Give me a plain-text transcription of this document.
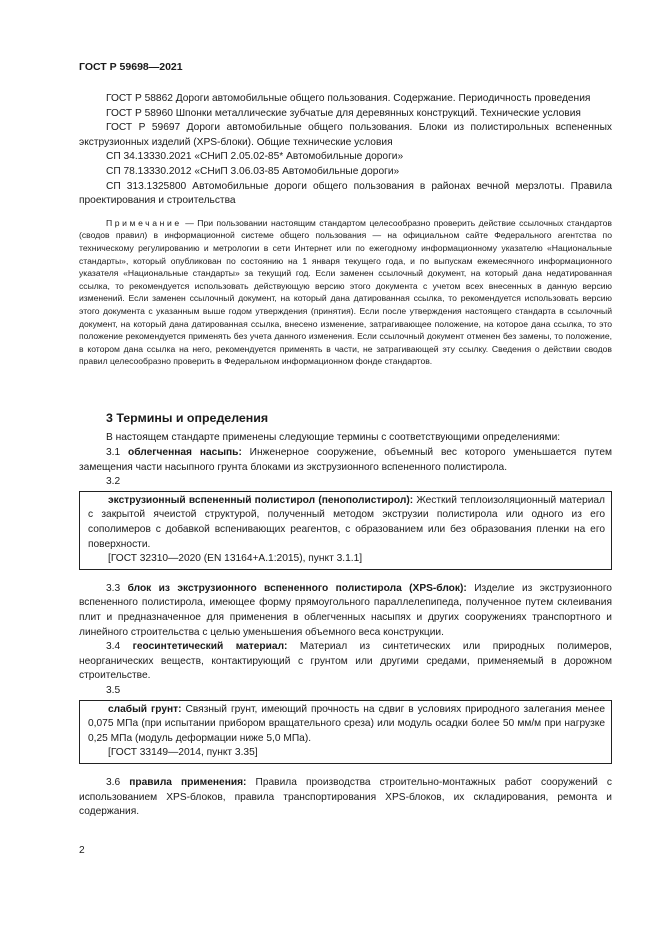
ГОСТ Р 59698—2021

ГОСТ Р 58862 Дороги автомобильные общего пользования. Содержание. Периодичность проведения

ГОСТ Р 58960 Шпонки металлические зубчатые для деревянных конструкций. Технические условия

ГОСТ Р 59697 Дороги автомобильные общего пользования. Блоки из полистирольных вспененных экструзионных изделий (XPS-блоки). Общие технические условия

СП 34.13330.2021 «СНиП 2.05.02-85* Автомобильные дороги»

СП 78.13330.2012 «СНиП 3.06.03-85 Автомобильные дороги»

СП 313.1325800 Автомобильные дороги общего пользования в районах вечной мерзлоты. Правила проектирования и строительства

Примечание — При пользовании настоящим стандартом целесообразно проверить действие ссылочных стандартов (сводов правил) в информационной системе общего пользования — на официальном сайте Федерального агентства по техническому регулированию и метрологии в сети Интернет или по ежегодному информационному указателю «Национальные стандарты», который опубликован по состоянию на 1 января текущего года, и по выпускам ежемесячного информационного указателя «Национальные стандарты» за текущий год. Если заменен ссылочный документ, на который дана недатированная ссылка, то рекомендуется использовать действующую версию этого документа с учетом всех внесенных в данную версию изменений. Если заменен ссылочный документ, на который дана датированная ссылка, то рекомендуется использовать версию этого документа с указанным выше годом утверждения (принятия). Если после утверждения настоящего стандарта в ссылочный документ, на который дана датированная ссылка, внесено изменение, затрагивающее положение, на которое дана ссылка, то это положение рекомендуется применять без учета данного изменения. Если ссылочный документ отменен без замены, то положение, в котором дана ссылка на него, рекомендуется применять в части, не затрагивающей эту ссылку. Сведения о действии сводов правил целесообразно проверить в Федеральном информационном фонде стандартов.

3 Термины и определения

В настоящем стандарте применены следующие термины с соответствующими определениями:

3.1 облегченная насыпь: Инженерное сооружение, объемный вес которого уменьшается путем замещения части насыпного грунта блоками из экструзионного вспененного полистирола.

3.2

экструзионный вспененный полистирол (пенополистирол): Жесткий теплоизоляционный материал с закрытой ячеистой структурой, полученный методом экструзии полистирола или одного из его сополимеров с добавкой вспенивающих реагентов, с образованием или без образования пленки на его поверхности.

[ГОСТ 32310—2020 (EN 13164+A.1:2015), пункт 3.1.1]

3.3 блок из экструзионного вспененного полистирола (XPS-блок): Изделие из экструзионного вспененного полистирола, имеющее форму прямоугольного параллелепипеда, полученное путем склеивания плит и предназначенное для применения в облегченных насыпях и других сооружениях транспортного и линейного строительства с целью уменьшения объемного веса конструкции.

3.4 геосинтетический материал: Материал из синтетических или природных полимеров, неорганических веществ, контактирующий с грунтом или другими средами, применяемый в дорожном строительстве.

3.5

слабый грунт: Связный грунт, имеющий прочность на сдвиг в условиях природного залегания менее 0,075 МПа (при испытании прибором вращательного среза) или модуль осадки более 50 мм/м при нагрузке 0,25 МПа (модуль деформации ниже 5,0 МПа).

[ГОСТ 33149—2014, пункт 3.35]

3.6 правила применения: Правила производства строительно-монтажных работ сооружений с использованием XPS-блоков, правила транспортирования XPS-блоков, их складирования, ремонта и содержания.

2
